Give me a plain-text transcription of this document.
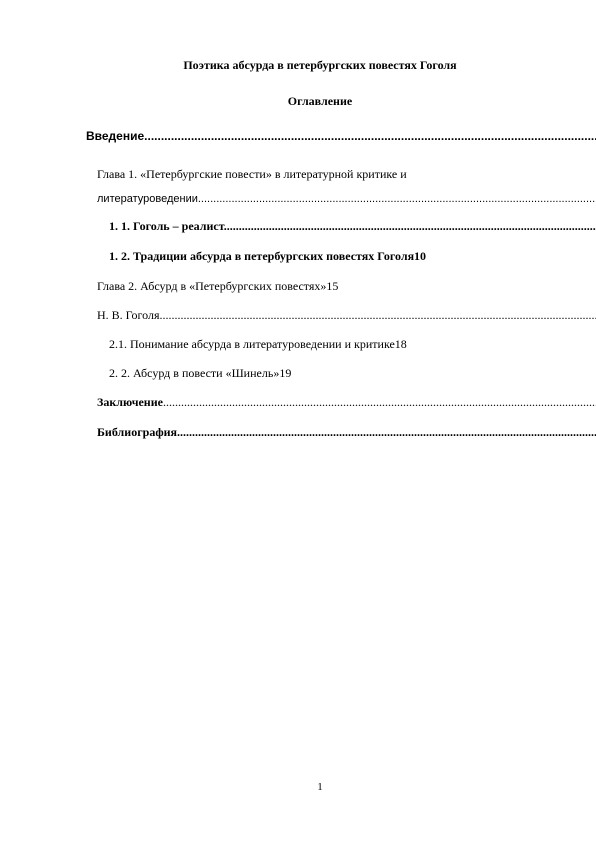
Поэтика абсурда в петербургских повестях Гоголя
Оглавление
Введение .....
Глава 1. «Петербургские повести» в литературной критике и
литературоведении .....
1. 1. Гоголь – реалист .....
1. 2. Традиции абсурда в петербургских повестях Гоголя10
Глава 2. Абсурд в «Петербургских повестях»15
Н. В. Гоголя .....
2.1. Понимание абсурда в литературоведении и критике18
2. 2. Абсурд в повести «Шинель»19
Заключение .....
Библиография .....
1
